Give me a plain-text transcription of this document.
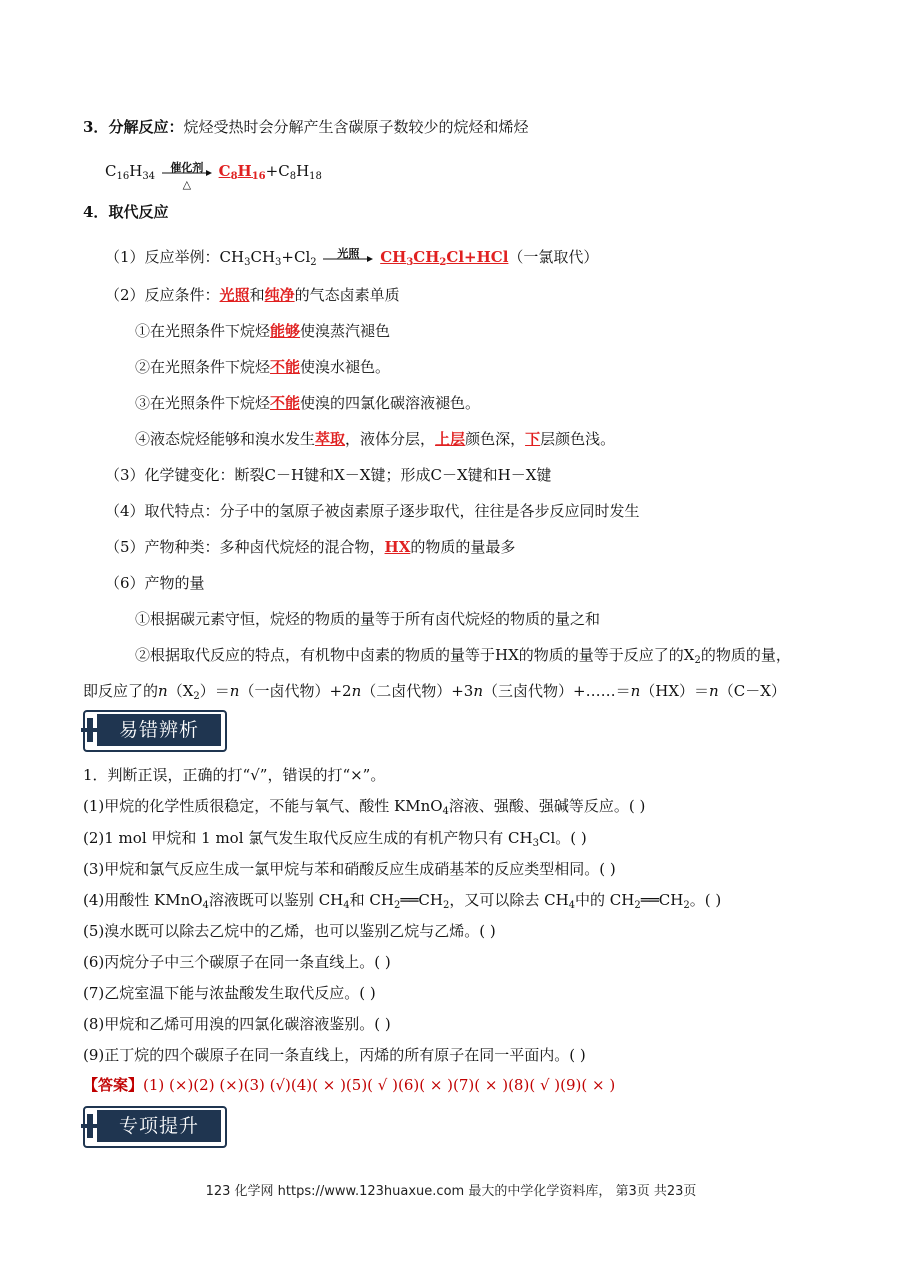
3．分解反应：烷烃受热时会分解产生含碳原子数较少的烷烃和烯烃
$C_{16}H_{34}$
催化剂
△
$C_8H_{16}+C_8H_{18}$
4．取代反应
（1）反应举例：$CH_3CH_3+Cl_2$
光照	$CH_3CH_2Cl+HCl$（一氯取代）
（2）反应条件：光照和纯净的气态卤素单质
①在光照条件下烷烃能够使溴蒸汽褪色
②在光照条件下烷烃不能使溴水褪色。
③在光照条件下烷烃不能使溴的四氯化碳溶液褪色。
④液态烷烃能够和溴水发生萃取，液体分层，上层颜色深，下层颜色浅。
（3）化学键变化：断裂C－H键和X－X键；形成C－X键和H－X键
（4）取代特点：分子中的氢原子被卤素原子逐步取代，往往是各步反应同时发生
（5）产物种类：多种卤代烷烃的混合物，HX的物质的量最多
（6）产物的量
①根据碳元素守恒，烷烃的物质的量等于所有卤代烷烃的物质的量之和
②根据取代反应的特点，有机物中卤素的物质的量等于HX的物质的量等于反应了的$X_2$的物质的量，
即反应了的$n(X_2)=n$（一卤代物）+2n（二卤代物）+3n（三卤代物）+……＝n（HX）＝n（C－X）
易错辨析
1．判断正误，正确的打“√”，错误的打“×”。
(1)甲烷的化学性质很稳定，不能与氧气、酸性 KMnO$_4$溶液、强酸、强碱等反应。( )
(2)1 mol 甲烷和 1 mol 氯气发生取代反应生成的有机产物只有 $CH_3Cl$。( )
(3)甲烷和氯气反应生成一氯甲烷与苯和硝酸反应生成硝基苯的反应类型相同。( )
(4)用酸性 KMnO$_4$溶液既可以鉴别 $CH_4$和 $CH_2══CH_2$，又可以除去 $CH_4$中的 $CH_2══CH_2$。( )
(5)溴水既可以除去乙烷中的乙烯，也可以鉴别乙烷与乙烯。( )
(6)丙烷分子中三个碳原子在同一条直线上。( )
(7)乙烷室温下能与浓盐酸发生取代反应。( )
(8)甲烷和乙烯可用溴的四氯化碳溶液鉴别。( )
(9)正丁烷的四个碳原子在同一条直线上，丙烯的所有原子在同一平面内。( )
【答案】(1) (×)(2) (×)(3) (√)(4)( × )(5)( √ )(6)( × )(7)( × )(8)( √ )(9)( × )
专项提升
123 化学网 https://www.123huaxue.com 最大的中学化学资料库， 第3页 共23页
